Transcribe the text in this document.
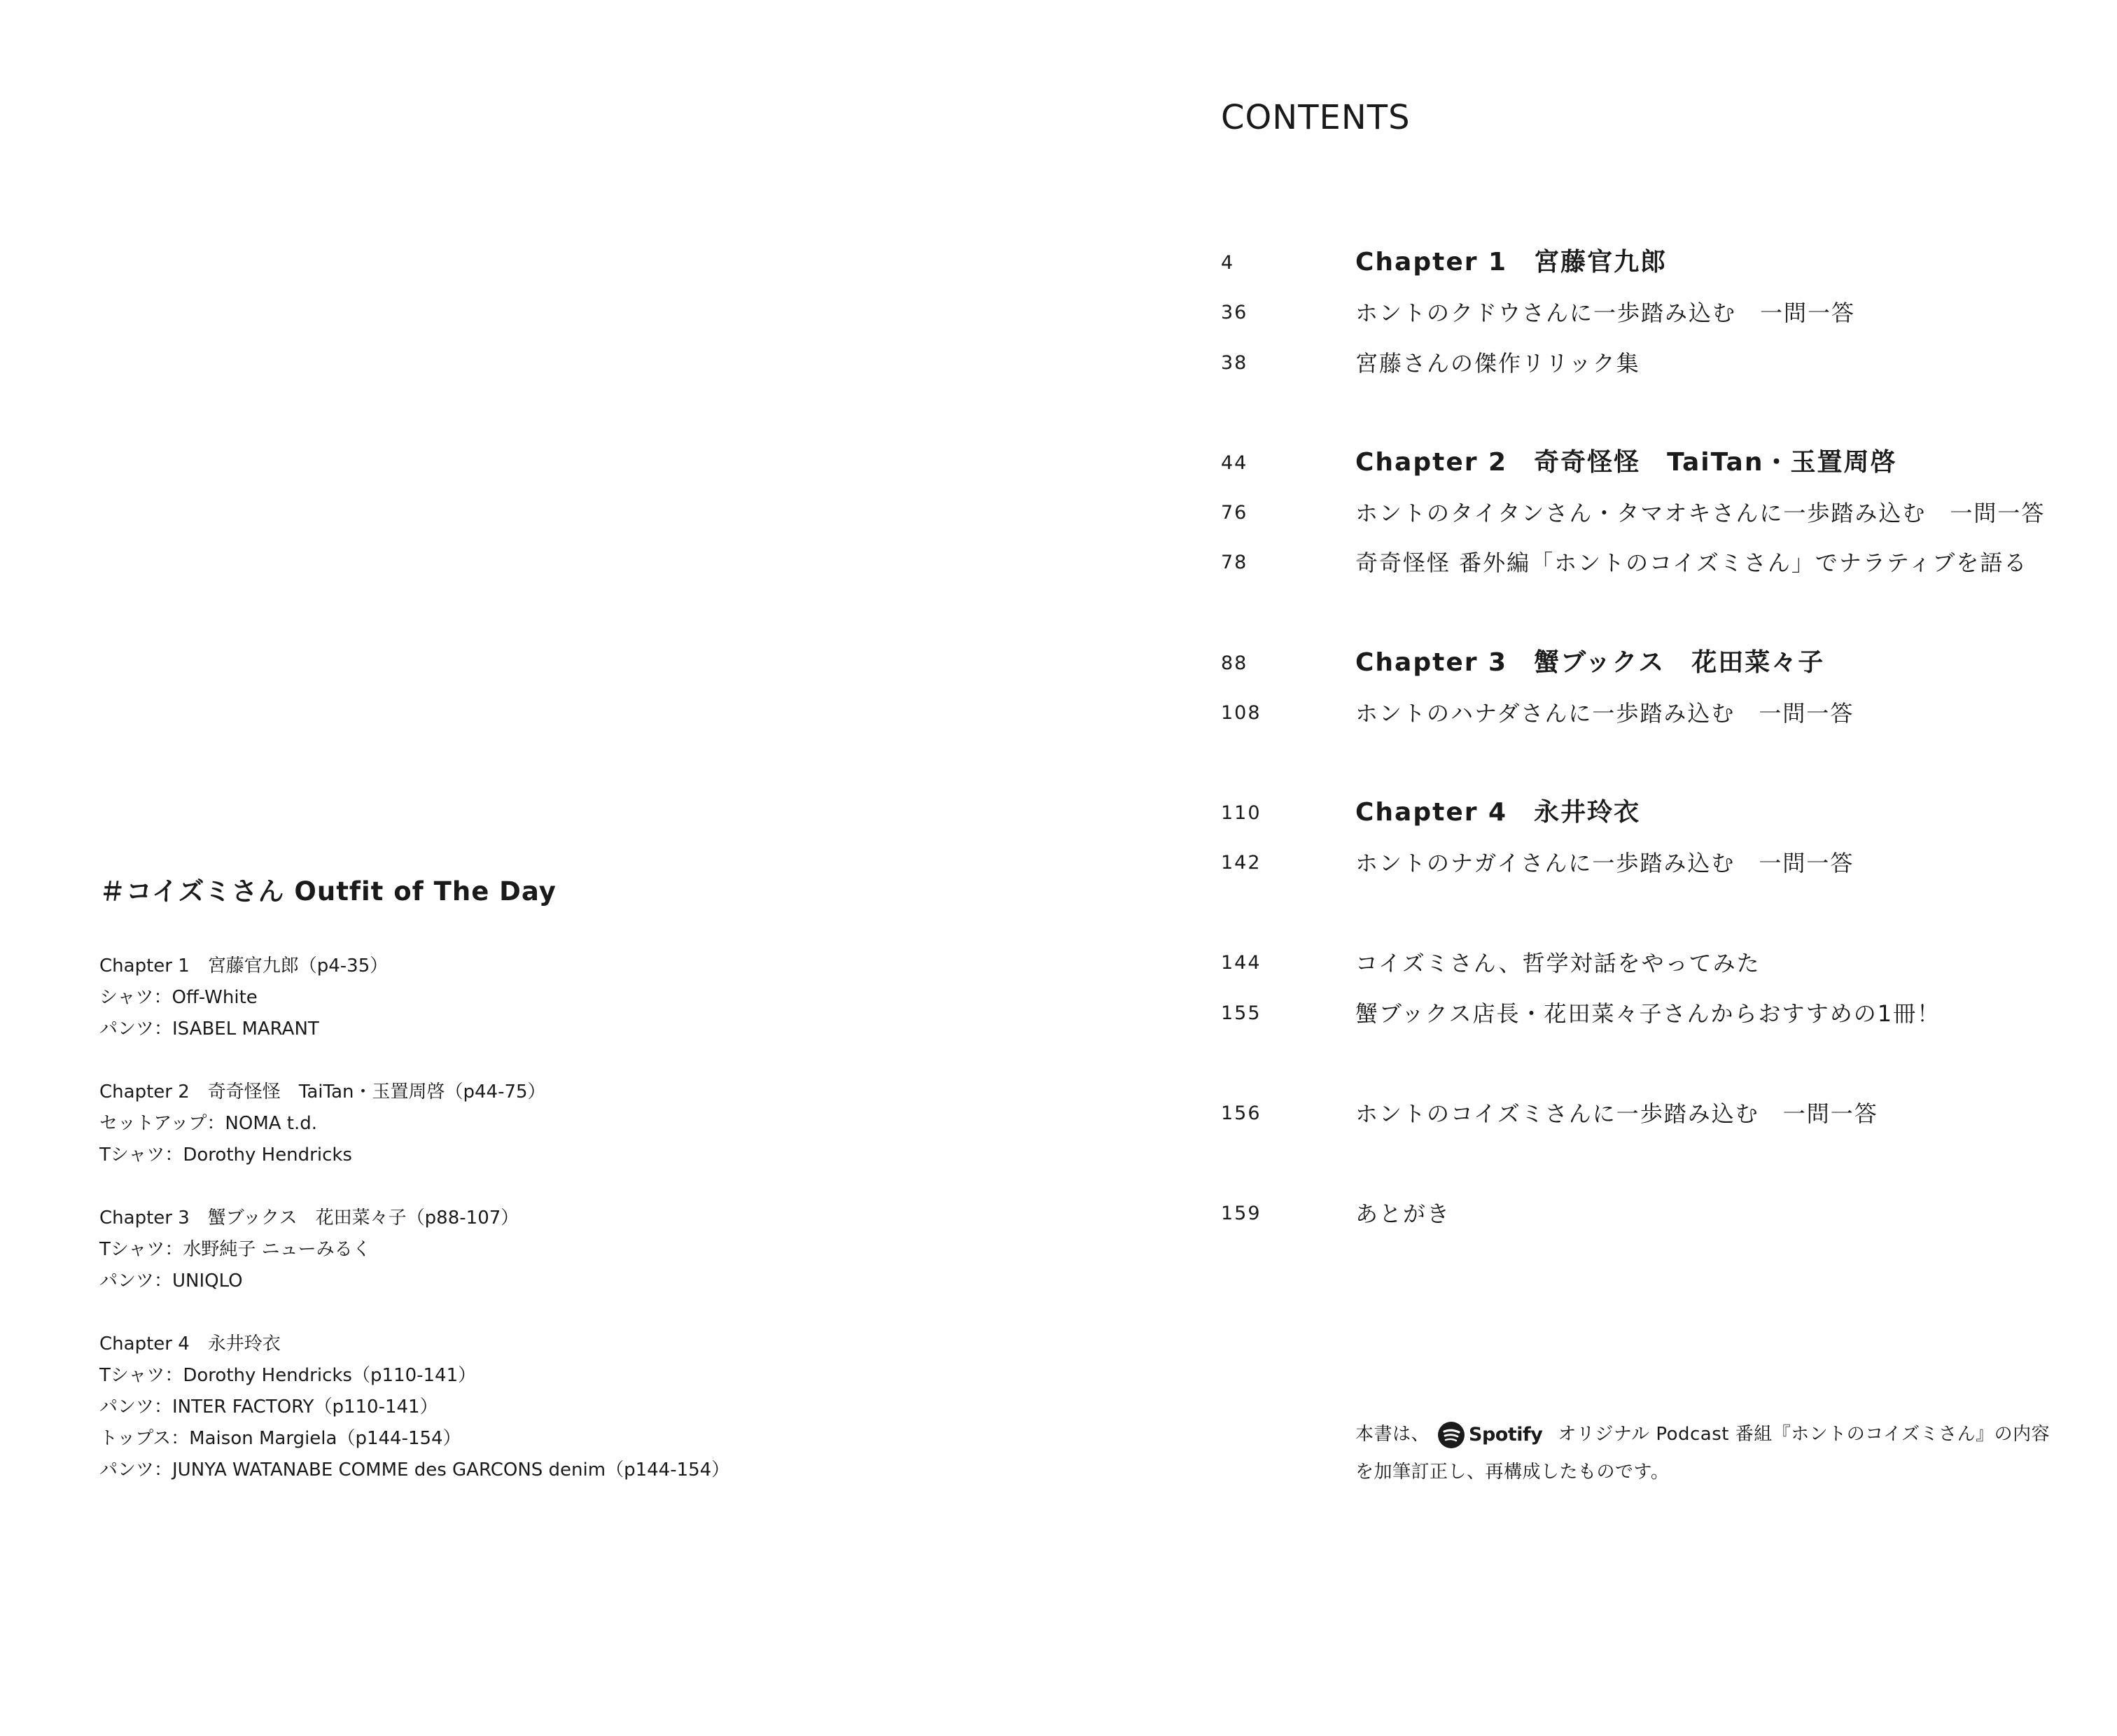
＃コイズミさん Outfit of The Day
Chapter 1　宮藤官九郎（p4-35）
シャツ：Off-White
パンツ：ISABEL MARANT
Chapter 2　奇奇怪怪　TaiTan・玉置周啓（p44-75）
セットアップ：NOMA t.d.
Tシャツ：Dorothy Hendricks
Chapter 3　蟹ブックス　花田菜々子（p88-107）
Tシャツ：水野純子 ニューみるく
パンツ：UNIQLO
Chapter 4　永井玲衣
Tシャツ：Dorothy Hendricks（p110-141）
パンツ：INTER FACTORY（p110-141）
トップス：Maison Margiela（p144-154）
パンツ：JUNYA WATANABE COMME des GARCONS denim（p144-154）
CONTENTS
4	Chapter 1　宮藤官九郎
36	ホントのクドウさんに一歩踏み込む　一問一答
38	宮藤さんの傑作リリック集
44	Chapter 2　奇奇怪怪　TaiTan・玉置周啓
76	ホントのタイタンさん・タマオキさんに一歩踏み込む　一問一答
78	奇奇怪怪 番外編「ホントのコイズミさん」でナラティブを語る
88	Chapter 3　蟹ブックス　花田菜々子
108	ホントのハナダさんに一歩踏み込む　一問一答
110	Chapter 4　永井玲衣
142	ホントのナガイさんに一歩踏み込む　一問一答
144	コイズミさん、哲学対話をやってみた
155	蟹ブックス店長・花田菜々子さんからおすすめの1冊！
156	ホントのコイズミさんに一歩踏み込む　一問一答
159	あとがき
本書は、 Spotify オリジナル Podcast 番組『ホントのコイズミさん』の内容
を加筆訂正し、再構成したものです。
